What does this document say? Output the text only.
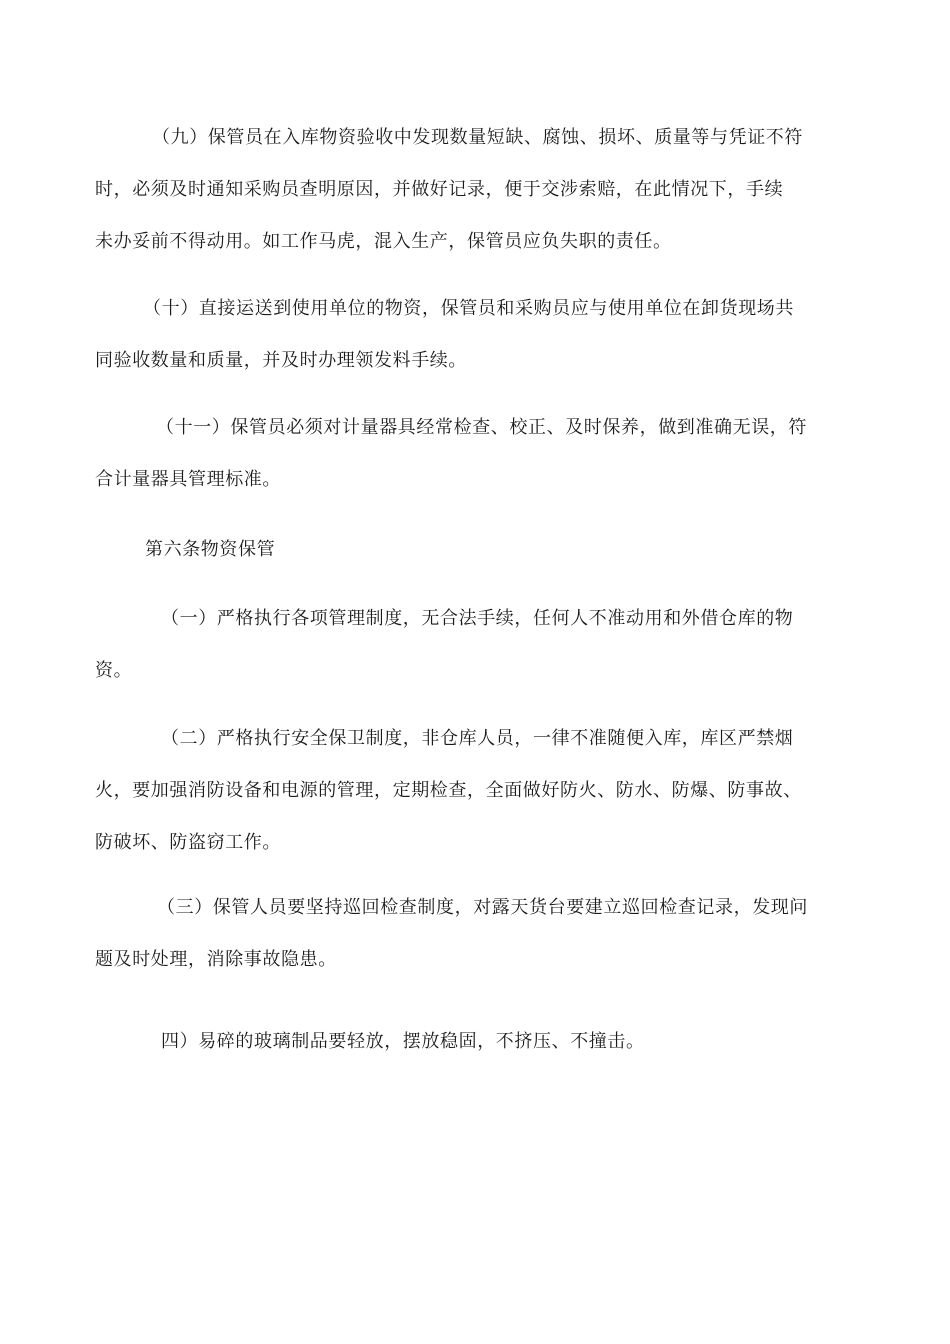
（九）保管员在入库物资验收中发现数量短缺、腐蚀、损坏、质量等与凭证不符
时，必须及时通知采购员查明原因，并做好记录，便于交涉索赔，在此情况下，手续
未办妥前不得动用。如工作马虎，混入生产，保管员应负失职的责任。

（十）直接运送到使用单位的物资，保管员和采购员应与使用单位在卸货现场共
同验收数量和质量，并及时办理领发料手续。

（十一）保管员必须对计量器具经常检查、校正、及时保养，做到准确无误，符
合计量器具管理标准。

第六条物资保管

（一）严格执行各项管理制度，无合法手续，任何人不准动用和外借仓库的物
资。

（二）严格执行安全保卫制度，非仓库人员，一律不准随便入库，库区严禁烟
火，要加强消防设备和电源的管理，定期检查，全面做好防火、防水、防爆、防事故、
防破坏、防盗窃工作。

（三）保管人员要坚持巡回检查制度，对露天货台要建立巡回检查记录，发现问
题及时处理，消除事故隐患。

四）易碎的玻璃制品要轻放，摆放稳固，不挤压、不撞击。
